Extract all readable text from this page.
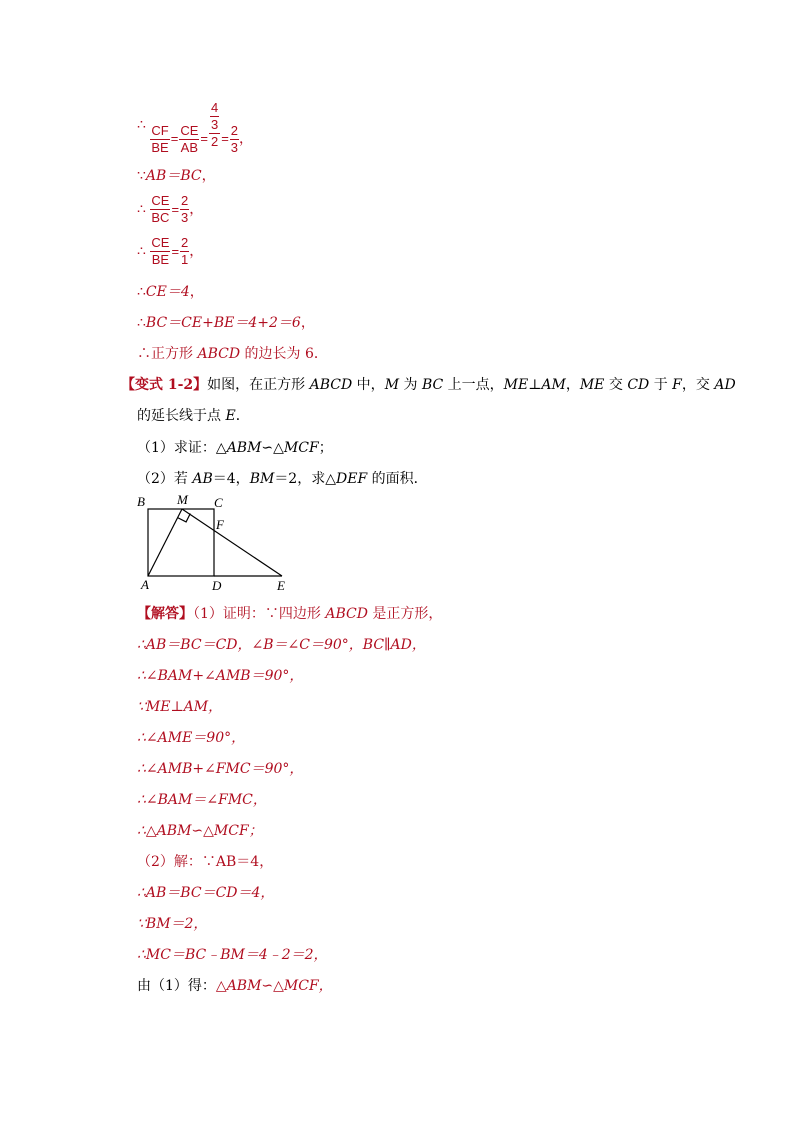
∴ $\frac{CF}{BE} = \frac{CE}{AB} = \frac{\frac{4}{3}}{2} = \frac{2}{3}$ ，
∵AB＝BC，
∴ $\frac{CE}{BC} = \frac{2}{3}$ ，
∴ $\frac{CE}{BE} = \frac{2}{1}$ ，
∴CE＝4，
∴BC＝CE+BE＝4+2＝6，
∴正方形 ABCD 的边长为 6．
【变式 1-2】如图，在正方形 ABCD 中，M 为 BC 上一点，ME⊥AM，ME 交 CD 于 F，交 AD
的延长线于点 E．
（1）求证：△ABM∽△MCF；
（2）若 AB＝4，BM＝2，求△DEF 的面积．
B M C
F
A	D	E
【解答】（1）证明：∵四边形 ABCD 是正方形，
∴AB＝BC＝CD，∠B＝∠C＝90°，BC∥AD，
∴∠BAM+∠AMB＝90°，
∵ME⊥AM，
∴∠AME＝90°，
∴∠AMB+∠FMC＝90°，
∴∠BAM＝∠FMC，
∴△ABM∽△MCF；
（2）解：∵AB＝4，
∴AB＝BC＝CD＝4，
∵BM＝2，
∴MC＝BC﹣BM＝4﹣2＝2，
由（1）得：△ABM∽△MCF，
